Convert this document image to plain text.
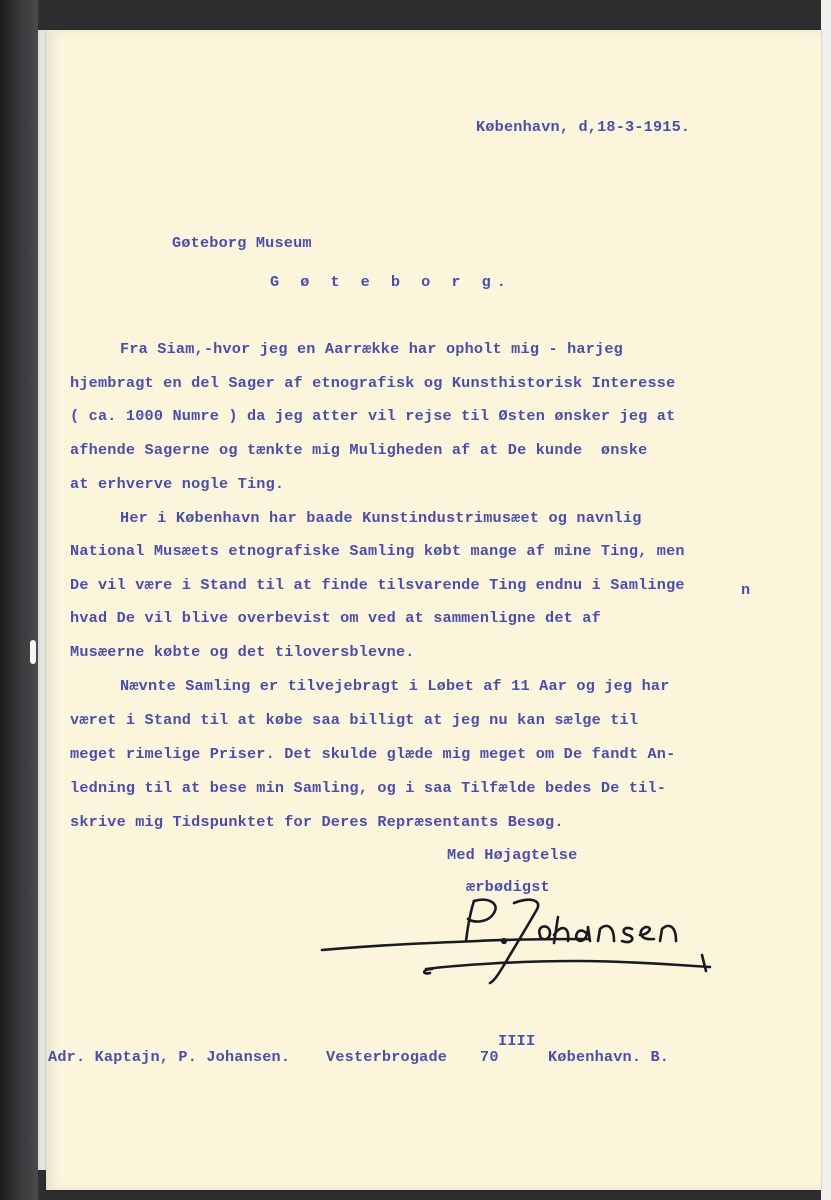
København, d,18-3-1915.

Gøteborg Museum

G ø t e b o r g.

Fra Siam,-hvor jeg en Aarrække har opholt mig - harjeg

hjembragt en del Sager af etnografisk og Kunsthistorisk Interesse

( ca. 1000 Numre ) da jeg atter vil rejse til Østen ønsker jeg at

afhende Sagerne og tænkte mig Muligheden af at De kunde  ønske

at erhverve nogle Ting.

Her i København har baade Kunstindustrimusæet og navnlig

National Musæets etnografiske Samling købt mange af mine Ting, men

De vil være i Stand til at finde tilsvarende Ting endnu i Samlinge	n

hvad De vil blive overbevist om ved at sammenligne det af

Musæerne købte og det tiloversblevne.

Nævnte Samling er tilvejebragt i Løbet af 11 Aar og jeg har

været i Stand til at købe saa billigt at jeg nu kan sælge til

meget rimelige Priser. Det skulde glæde mig meget om De fandt An-

ledning til at bese min Samling, og i saa Tilfælde bedes De til-

skrive mig Tidspunktet for Deres Repræsentants Besøg.

Med Højagtelse

ærbødigst

IIII

Adr. Kaptajn, P. Johansen. Vesterbrogade 70	København. B.
